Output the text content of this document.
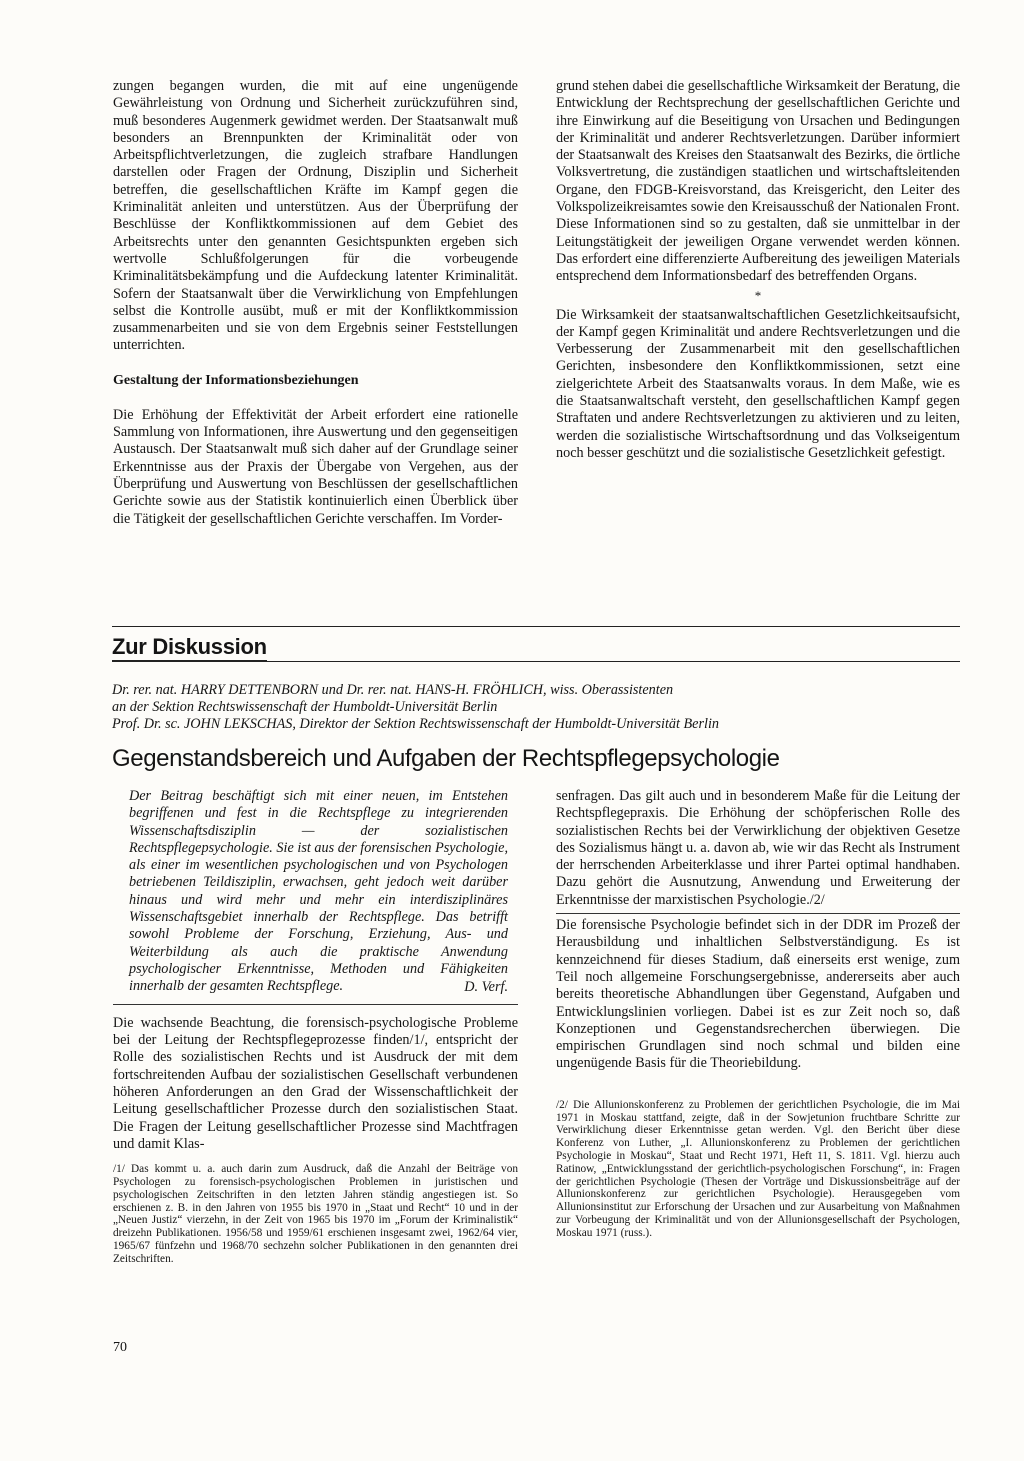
zungen begangen wurden, die mit auf eine ungenügende Gewährleistung von Ordnung und Sicherheit zurückzuführen sind, muß besonderes Augenmerk gewidmet werden. Der Staatsanwalt muß besonders an Brennpunkten der Kriminalität oder von Arbeitspflichtverletzungen, die zugleich strafbare Handlungen darstellen oder Fragen der Ordnung, Disziplin und Sicherheit betreffen, die gesellschaftlichen Kräfte im Kampf gegen die Kriminalität anleiten und unterstützen. Aus der Überprüfung der Beschlüsse der Konfliktkommissionen auf dem Gebiet des Arbeitsrechts unter den genannten Gesichtspunkten ergeben sich wertvolle Schlußfolgerungen für die vorbeugende Kriminalitätsbekämpfung und die Aufdeckung latenter Kriminalität. Sofern der Staatsanwalt über die Verwirklichung von Empfehlungen selbst die Kontrolle ausübt, muß er mit der Konfliktkommission zusammenarbeiten und sie von dem Ergebnis seiner Feststellungen unterrichten.

Gestaltung der Informationsbeziehungen

Die Erhöhung der Effektivität der Arbeit erfordert eine rationelle Sammlung von Informationen, ihre Auswertung und den gegenseitigen Austausch. Der Staatsanwalt muß sich daher auf der Grundlage seiner Erkenntnisse aus der Praxis der Übergabe von Vergehen, aus der Überprüfung und Auswertung von Beschlüssen der gesellschaftlichen Gerichte sowie aus der Statistik kontinuierlich einen Überblick über die Tätigkeit der gesellschaftlichen Gerichte verschaffen. Im Vorder-

grund stehen dabei die gesellschaftliche Wirksamkeit der Beratung, die Entwicklung der Rechtsprechung der gesellschaftlichen Gerichte und ihre Einwirkung auf die Beseitigung von Ursachen und Bedingungen der Kriminalität und anderer Rechtsverletzungen. Darüber informiert der Staatsanwalt des Kreises den Staatsanwalt des Bezirks, die örtliche Volksvertretung, die zuständigen staatlichen und wirtschaftsleitenden Organe, den FDGB-Kreisvorstand, das Kreisgericht, den Leiter des Volkspolizeikreisamtes sowie den Kreisausschuß der Nationalen Front.

Diese Informationen sind so zu gestalten, daß sie unmittelbar in der Leitungstätigkeit der jeweiligen Organe verwendet werden können. Das erfordert eine differenzierte Aufbereitung des jeweiligen Materials entsprechend dem Informationsbedarf des betreffenden Organs.

*

Die Wirksamkeit der staatsanwaltschaftlichen Gesetzlichkeitsaufsicht, der Kampf gegen Kriminalität und andere Rechtsverletzungen und die Verbesserung der Zusammenarbeit mit den gesellschaftlichen Gerichten, insbesondere den Konfliktkommissionen, setzt eine zielgerichtete Arbeit des Staatsanwalts voraus. In dem Maße, wie es die Staatsanwaltschaft versteht, den gesellschaftlichen Kampf gegen Straftaten und andere Rechtsverletzungen zu aktivieren und zu leiten, werden die sozialistische Wirtschaftsordnung und das Volkseigentum noch besser geschützt und die sozialistische Gesetzlichkeit gefestigt.

Zur Diskussion

Dr. rer. nat. HARRY DETTENBORN und Dr. rer. nat. HANS-H. FRÖHLICH, wiss. Oberassistenten

an der Sektion Rechtswissenschaft der Humboldt-Universität Berlin

Prof. Dr. sc. JOHN LEKSCHAS, Direktor der Sektion Rechtswissenschaft der Humboldt-Universität Berlin

Gegenstandsbereich und Aufgaben der Rechtspflegepsychologie

Der Beitrag beschäftigt sich mit einer neuen, im Entstehen begriffenen und fest in die Rechtspflege zu integrierenden Wissenschaftsdisziplin — der sozialistischen Rechtspflegepsychologie. Sie ist aus der forensischen Psychologie, als einer im wesentlichen psychologischen und von Psychologen betriebenen Teildisziplin, erwachsen, geht jedoch weit darüber hinaus und wird mehr und mehr ein interdisziplinäres Wissenschaftsgebiet innerhalb der Rechtspflege. Das betrifft sowohl Probleme der Forschung, Erziehung, Aus- und Weiterbildung als auch die praktische Anwendung psychologischer Erkenntnisse, Methoden und Fähigkeiten innerhalb der gesamten Rechtspflege.	D. Verf.

Die wachsende Beachtung, die forensisch-psychologische Probleme bei der Leitung der Rechtspflegeprozesse finden/1/, entspricht der Rolle des sozialistischen Rechts und ist Ausdruck der mit dem fortschreitenden Aufbau der sozialistischen Gesellschaft verbundenen höheren Anforderungen an den Grad der Wissenschaftlichkeit der Leitung gesellschaftlicher Prozesse durch den sozialistischen Staat. Die Fragen der Leitung gesellschaftlicher Prozesse sind Machtfragen und damit Klas-

/1/ Das kommt u. a. auch darin zum Ausdruck, daß die Anzahl der Beiträge von Psychologen zu forensisch-psychologischen Problemen in juristischen und psychologischen Zeitschriften in den letzten Jahren ständig angestiegen ist. So erschienen z. B. in den Jahren von 1955 bis 1970 in „Staat und Recht“ 10 und in der „Neuen Justiz“ vierzehn, in der Zeit von 1965 bis 1970 im „Forum der Kriminalistik“ dreizehn Publikationen. 1956/58 und 1959/61 erschienen insgesamt zwei, 1962/64 vier, 1965/67 fünfzehn und 1968/70 sechzehn solcher Publikationen in den genannten drei Zeitschriften.

senfragen. Das gilt auch und in besonderem Maße für die Leitung der Rechtspflegepraxis. Die Erhöhung der schöpferischen Rolle des sozialistischen Rechts bei der Verwirklichung der objektiven Gesetze des Sozialismus hängt u. a. davon ab, wie wir das Recht als Instrument der herrschenden Arbeiterklasse und ihrer Partei optimal handhaben. Dazu gehört die Ausnutzung, Anwendung und Erweiterung der Erkenntnisse der marxistischen Psychologie./2/

Die forensische Psychologie befindet sich in der DDR im Prozeß der Herausbildung und inhaltlichen Selbstverständigung. Es ist kennzeichnend für dieses Stadium, daß einerseits erst wenige, zum Teil noch allgemeine Forschungsergebnisse, andererseits aber auch bereits theoretische Abhandlungen über Gegenstand, Aufgaben und Entwicklungslinien vorliegen. Dabei ist es zur Zeit noch so, daß Konzeptionen und Gegenstandsrecherchen überwiegen. Die empirischen Grundlagen sind noch schmal und bilden eine ungenügende Basis für die Theoriebildung.

/2/ Die Allunionskonferenz zu Problemen der gerichtlichen Psychologie, die im Mai 1971 in Moskau stattfand, zeigte, daß in der Sowjetunion fruchtbare Schritte zur Verwirklichung dieser Erkenntnisse getan werden. Vgl. den Bericht über diese Konferenz von Luther, „I. Allunionskonferenz zu Problemen der gerichtlichen Psychologie in Moskau“, Staat und Recht 1971, Heft 11, S. 1811. Vgl. hierzu auch Ratinow, „Entwicklungsstand der gerichtlich-psychologischen Forschung“, in: Fragen der gerichtlichen Psychologie (Thesen der Vorträge und Diskussionsbeiträge auf der Allunionskonferenz zur gerichtlichen Psychologie). Herausgegeben vom Allunionsinstitut zur Erforschung der Ursachen und zur Ausarbeitung von Maßnahmen zur Vorbeugung der Kriminalität und von der Allunionsgesellschaft der Psychologen, Moskau 1971 (russ.).

70
